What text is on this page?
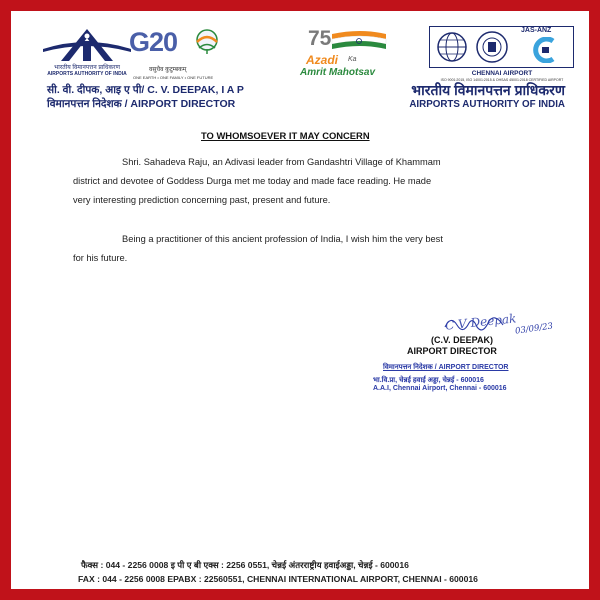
भारतीय विमानपत्तन प्राधिकरण
AIRPORTS AUTHORITY OF INDIA
G20
वसुधैव कुटुम्बकम्
ONE EARTH • ONE FAMILY • ONE FUTURE
75
Azadi Ka
Amrit Mahotsav
JAS-ANZ
CHENNAI AIRPORT
ISO 9001:2015, ISO 14001:2015 & OHSAS 45001:2018 CERTIFIED AIRPORT
सी. वी. दीपक, आइ ए पी/ C. V. DEEPAK, I A P
विमानपत्तन निदेशक / AIRPORT DIRECTOR
भारतीय विमानपत्तन प्राधिकरण
AIRPORTS AUTHORITY OF INDIA
TO WHOMSOEVER IT MAY CONCERN
Shri. Sahadeva Raju, an Adivasi leader from Gandashtri Village of Khammam
district and devotee of Goddess Durga met me today and made face reading. He made
very interesting prediction concerning past, present and future.
Being a practitioner of this ancient profession of India, I wish him the very best
for his future.
C V Deepak
03/09/23
(C.V. DEEPAK)
AIRPORT DIRECTOR
विमानपत्तन निदेशक / AIRPORT DIRECTOR
भा.वि.प्रा, चेन्नई हवाई अड्डा, चेन्नई - 600016
A.A.I, Chennai Airport, Chennai - 600016
फैक्स : 044 - 2256 0008 इ पी ए बी एक्स : 2256 0551, चेन्नई अंतरराष्ट्रीय हवाईअड्डा, चेन्नई - 600016
FAX : 044 - 2256 0008 EPABX : 22560551, CHENNAI INTERNATIONAL AIRPORT, CHENNAI - 600016
